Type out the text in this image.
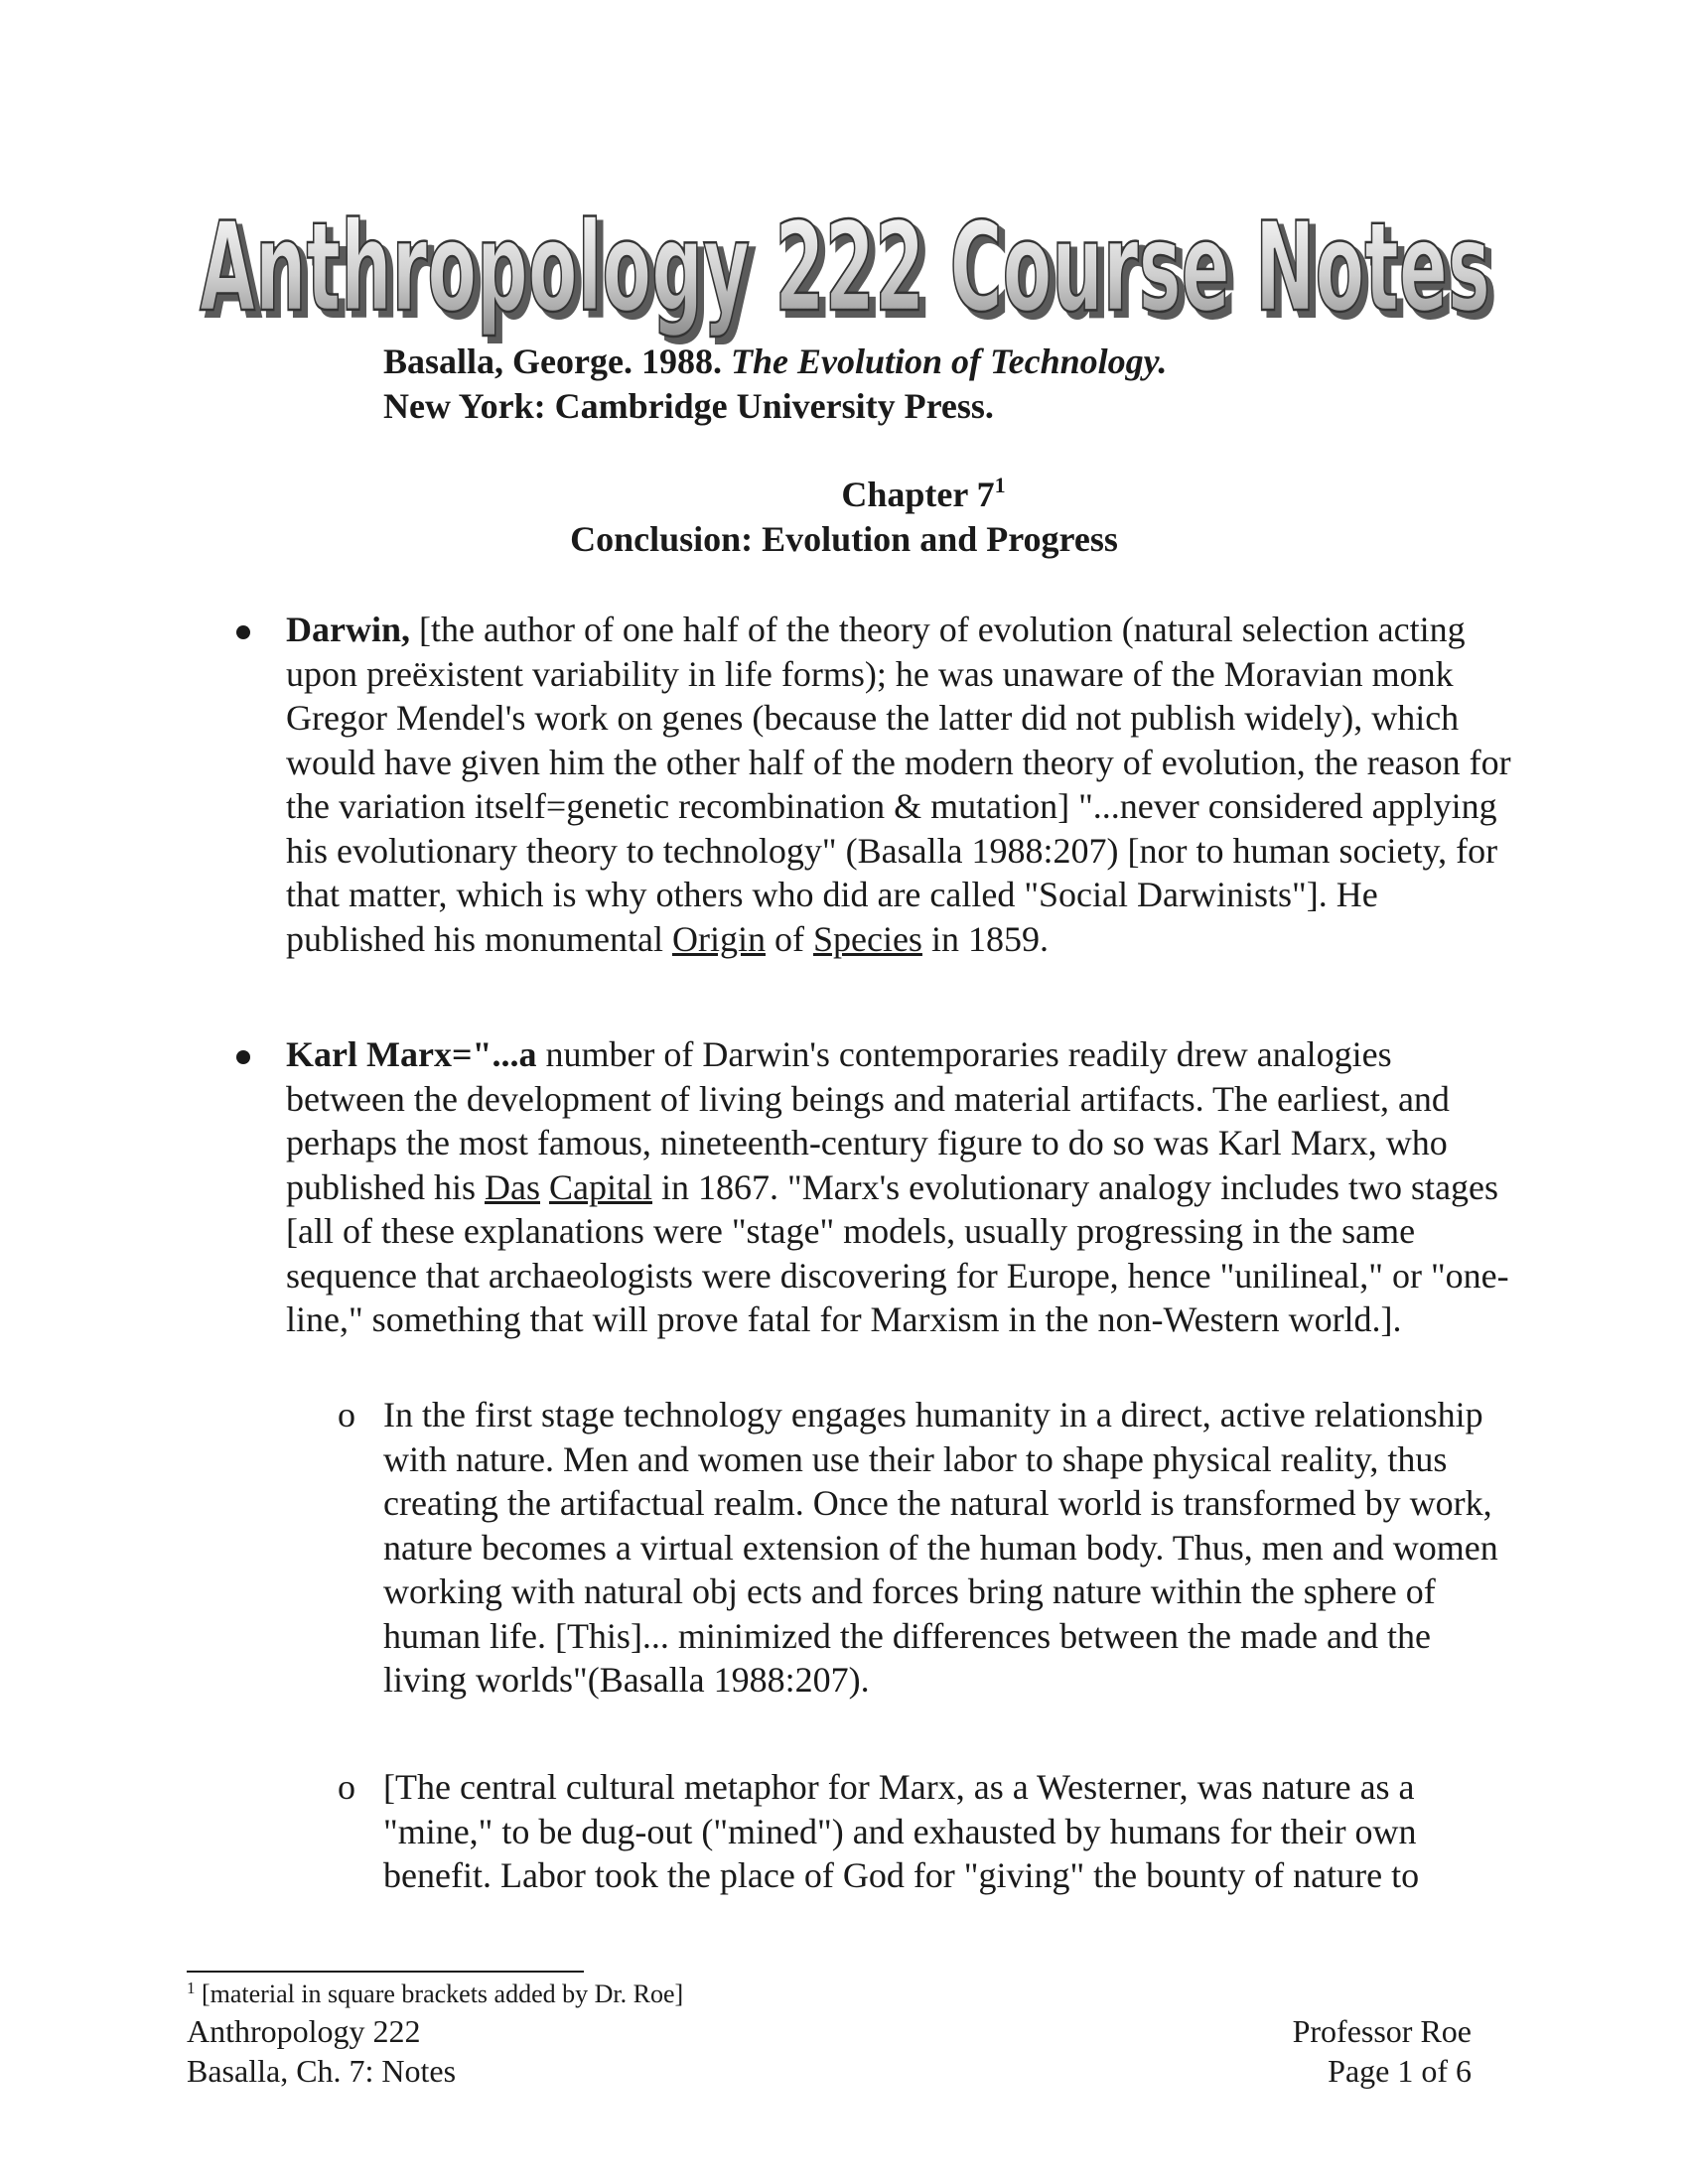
Anthropology 222 Course Notes
Anthropology 222 Course Notes
Basalla, George. 1988. The Evolution of Technology.
New York: Cambridge University Press.
Chapter $7^1$
Conclusion: Evolution and Progress
Darwin, [the author of one half of the theory of evolution (natural selection acting upon preëxistent variability in life forms); he was unaware of the Moravian monk Gregor Mendel's work on genes (because the latter did not publish widely), which would have given him the other half of the modern theory of evolution, the reason for the variation itself=genetic recombination & mutation] "...never considered applying his evolutionary theory to technology" (Basalla 1988:207) [nor to human society, for that matter, which is why others who did are called "Social Darwinists"]. He published his monumental Origin of Species in 1859.
Karl Marx="...a number of Darwin's contemporaries readily drew analogies between the development of living beings and material artifacts. The earliest, and perhaps the most famous, nineteenth-century figure to do so was Karl Marx, who published his Das Capital in 1867. "Marx's evolutionary analogy includes two stages [all of these explanations were "stage" models, usually progressing in the same sequence that archaeologists were discovering for Europe, hence "unilineal," or "one-line," something that will prove fatal for Marxism in the non-Western world.].
o In the first stage technology engages humanity in a direct, active relationship with nature. Men and women use their labor to shape physical reality, thus creating the artifactual realm. Once the natural world is transformed by work, nature becomes a virtual extension of the human body. Thus, men and women working with natural obj ects and forces bring nature within the sphere of human life. [This]... minimized the differences between the made and the living worlds"(Basalla 1988:207).
o [The central cultural metaphor for Marx, as a Westerner, was nature as a "mine," to be dug-out ("mined") and exhausted by humans for their own benefit. Labor took the place of God for "giving" the bounty of nature to
$^1$ [material in square brackets added by Dr. Roe]
Anthropology 222
Basalla, Ch. 7: Notes
Professor Roe
Page 1 of 6
